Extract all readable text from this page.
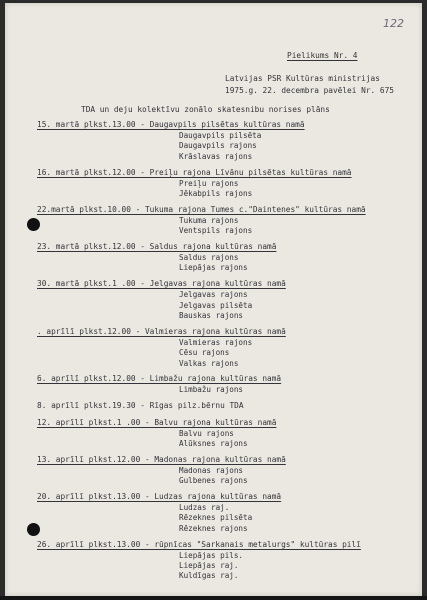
122
Pielikums Nr. 4
Latvijas PSR Kultūras ministrijas
1975.g. 22. decembra pavēlei Nr. 675
TDA un deju kolektīvu zonālo skatesnibu norises plāns
15. martā plkst.13.00 - Daugavpils pilsētas kultūras namā
Daugavpils pilsēta
Daugavpils rajons
Krāslavas rajons
16. martā plkst.12.00 - Preiļu rajona Līvānu pilsētas kultūras namā
Preiļu rajons
Jēkabpils rajons
22.martā plkst.10.00 - Tukuma rajona Tumes c."Daintenes" kultūras namā
Tukuma rajons
Ventspils rajons
23. martā plkst.12.00 - Saldus rajona kultūras namā
Saldus rajons
Liepājas rajons
30. martā plkst.1 .00 - Jelgavas rajona kultūras namā
Jelgavas rajons
Jelgavas pilsēta
Bauskas rajons
. aprīlī plkst.12.00 - Valmieras rajona kultūras namā
Valmieras rajons
Cēsu rajons
Valkas rajons
6. aprīlī plkst.12.00 - Limbažu rajona kultūras namā
Limbažu rajons
8. aprīlī plkst.19.30 - Rīgas pilz.bērnu TDA
12. aprīlī plkst.1 .00 - Balvu rajona kultūras namā
Balvu rajons
Alūksnes rajons
13. aprīlī plkst.12.00 - Madonas rajona kultūras namā
Madonas rajons
Gulbenes rajons
20. aprīlī plkst.13.00 - Ludzas rajona kultūras namā
Ludzas raj.
Rēzeknes pilsēta
Rēzeknes rajons
26. aprīlī plkst.13.00 - rūpnīcas "Sarkanais metalurgs" kultūras pilī
Liepājas pils.
Liepājas raj.
Kuldīgas raj.
